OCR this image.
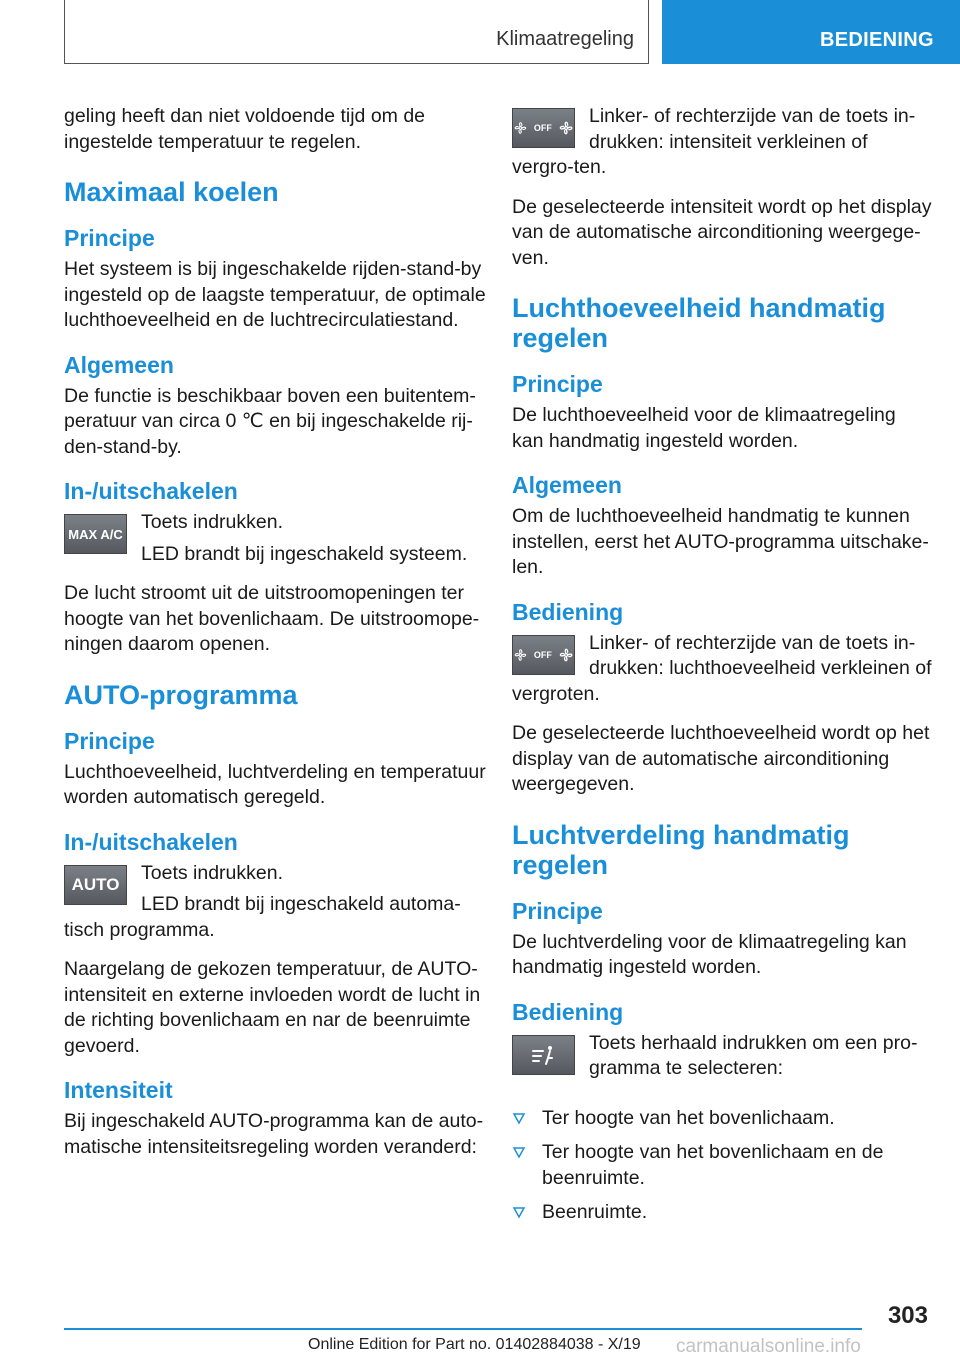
Klimaatregeling	BEDIENING

geling heeft dan niet voldoende tijd om de ingestelde temperatuur te regelen.

Maximaal koelen
Principe

Het systeem is bij ingeschakelde rijden-stand-by ingesteld op de laagste temperatuur, de optimale luchthoeveelheid en de luchtrecirculatiestand.

Algemeen

De functie is beschikbaar boven een buitentem-peratuur van circa 0 ℃ en bij ingeschakelde rij-den-stand-by.

In-/uitschakelen
MAX A/C

Toets indrukken.

LED brandt bij ingeschakeld systeem.

De lucht stroomt uit de uitstroomopeningen ter hoogte van het bovenlichaam. De uitstroomope-ningen daarom openen.

AUTO-programma
Principe

Luchthoeveelheid, luchtverdeling en temperatuur worden automatisch geregeld.

In-/uitschakelen
AUTO

Toets indrukken.

LED brandt bij ingeschakeld automa-tisch programma.

Naargelang de gekozen temperatuur, de AUTO-intensiteit en externe invloeden wordt de lucht in de richting bovenlichaam en nar de beenruimte gevoerd.

Intensiteit

Bij ingeschakeld AUTO-programma kan de auto-matische intensiteitsregeling worden veranderd:

OFF

Linker- of rechterzijde van de toets in-drukken: intensiteit verkleinen of vergro-ten.

De geselecteerde intensiteit wordt op het display van de automatische airconditioning weergege-ven.

Luchthoeveelheid handmatig regelen
Principe

De luchthoeveelheid voor de klimaatregeling kan handmatig ingesteld worden.

Algemeen

Om de luchthoeveelheid handmatig te kunnen instellen, eerst het AUTO-programma uitschake-len.

Bediening
OFF

Linker- of rechterzijde van de toets in-drukken: luchthoeveelheid verkleinen of vergroten.

De geselecteerde luchthoeveelheid wordt op het display van de automatische airconditioning weergegeven.

Luchtverdeling handmatig regelen
Principe

De luchtverdeling voor de klimaatregeling kan handmatig ingesteld worden.

Bediening

Toets herhaald indrukken om een pro-gramma te selecteren:

Ter hoogte van het bovenlichaam.
Ter hoogte van het bovenlichaam en de beenruimte.
Beenruimte.
303
Online Edition for Part no. 01402884038 - X/19 carmanualsonline.info
